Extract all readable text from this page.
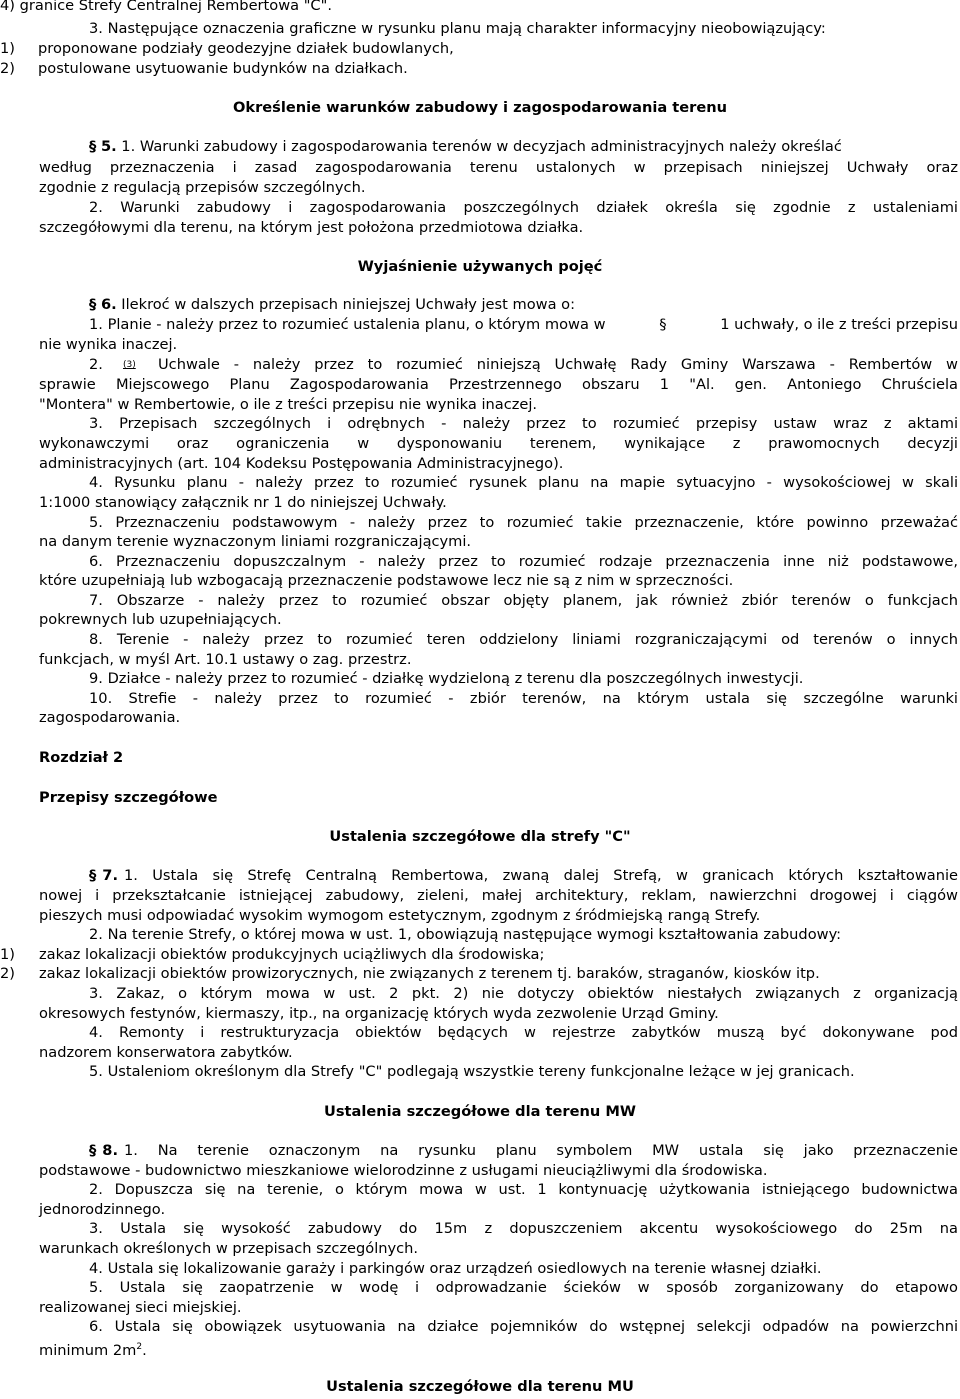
4) granice Strefy Centralnej Rembertowa "C".
3. Następujące oznaczenia graficzne w rysunku planu mają charakter informacyjny nieobowiązujący:
1) proponowane podziały geodezyjne działek budowlanych,
2) postulowane usytuowanie budynków na działkach.
Określenie warunków zabudowy i zagospodarowania terenu
§ 5. 1. Warunki zabudowy i zagospodarowania terenów w decyzjach administracyjnych należy określać
według przeznaczenia i zasad zagospodarowania terenu ustalonych w przepisach niniejszej Uchwały oraz
zgodnie z regulacją przepisów szczególnych.
2. Warunki zabudowy i zagospodarowania poszczególnych działek określa się zgodnie z ustaleniami
szczegółowymi dla terenu, na którym jest położona przedmiotowa działka.
Wyjaśnienie używanych pojęć
§ 6. Ilekroć w dalszych przepisach niniejszej Uchwały jest mowa o:
1. Planie - należy przez to rozumieć ustalenia planu, o którym mowa w	§	1 uchwały, o ile z treści przepisu
nie wynika inaczej.
2. (3) Uchwale - należy przez to rozumieć niniejszą Uchwałę Rady Gminy Warszawa - Rembertów w
sprawie Miejscowego Planu Zagospodarowania Przestrzennego obszaru 1 "Al. gen. Antoniego Chruściela
"Montera" w Rembertowie, o ile z treści przepisu nie wynika inaczej.
3. Przepisach szczególnych i odrębnych - należy przez to rozumieć przepisy ustaw wraz z aktami
wykonawczymi oraz ograniczenia w dysponowaniu terenem, wynikające z prawomocnych decyzji
administracyjnych (art. 104 Kodeksu Postępowania Administracyjnego).
4. Rysunku planu - należy przez to rozumieć rysunek planu na mapie sytuacyjno - wysokościowej w skali
1:1000 stanowiący załącznik nr 1 do niniejszej Uchwały.
5. Przeznaczeniu podstawowym - należy przez to rozumieć takie przeznaczenie, które powinno przeważać
na danym terenie wyznaczonym liniami rozgraniczającymi.
6. Przeznaczeniu dopuszczalnym - należy przez to rozumieć rodzaje przeznaczenia inne niż podstawowe,
które uzupełniają lub wzbogacają przeznaczenie podstawowe lecz nie są z nim w sprzeczności.
7. Obszarze - należy przez to rozumieć obszar objęty planem, jak również zbiór terenów o funkcjach
pokrewnych lub uzupełniających.
8. Terenie - należy przez to rozumieć teren oddzielony liniami rozgraniczającymi od terenów o innych
funkcjach, w myśl Art. 10.1 ustawy o zag. przestrz.
9. Działce - należy przez to rozumieć - działkę wydzieloną z terenu dla poszczególnych inwestycji.
10. Strefie - należy przez to rozumieć - zbiór terenów, na którym ustala się szczególne warunki
zagospodarowania.
Rozdział 2
Przepisy szczegółowe
Ustalenia szczegółowe dla strefy "C"
§ 7. 1. Ustala się Strefę Centralną Rembertowa, zwaną dalej Strefą, w granicach których kształtowanie
nowej i przekształcanie istniejącej zabudowy, zieleni, małej architektury, reklam, nawierzchni drogowej i ciągów
pieszych musi odpowiadać wysokim wymogom estetycznym, zgodnym z śródmiejską rangą Strefy.
2. Na terenie Strefy, o której mowa w ust. 1, obowiązują następujące wymogi kształtowania zabudowy:
1) zakaz lokalizacji obiektów produkcyjnych uciążliwych dla środowiska;
2) zakaz lokalizacji obiektów prowizorycznych, nie związanych z terenem tj. baraków, straganów, kiosków itp.
3. Zakaz, o którym mowa w ust. 2 pkt. 2) nie dotyczy obiektów niestałych związanych z organizacją
okresowych festynów, kiermaszy, itp., na organizację których wyda zezwolenie Urząd Gminy.
4. Remonty i restrukturyzacja obiektów będących w rejestrze zabytków muszą być dokonywane pod
nadzorem konserwatora zabytków.
5. Ustaleniom określonym dla Strefy "C" podlegają wszystkie tereny funkcjonalne leżące w jej granicach.
Ustalenia szczegółowe dla terenu MW
§ 8. 1. Na terenie oznaczonym na rysunku planu symbolem MW ustala się jako przeznaczenie
podstawowe - budownictwo mieszkaniowe wielorodzinne z usługami nieuciążliwymi dla środowiska.
2. Dopuszcza się na terenie, o którym mowa w ust. 1 kontynuację użytkowania istniejącego budownictwa
jednorodzinnego.
3. Ustala się wysokość zabudowy do 15m z dopuszczeniem akcentu wysokościowego do 25m na
warunkach określonych w przepisach szczególnych.
4. Ustala się lokalizowanie garaży i parkingów oraz urządzeń osiedlowych na terenie własnej działki.
5. Ustala się zaopatrzenie w wodę i odprowadzanie ścieków w sposób zorganizowany do etapowo
realizowanej sieci miejskiej.
6. Ustala się obowiązek usytuowania na działce pojemników do wstępnej selekcji odpadów na powierzchni
minimum $2m^2$.
Ustalenia szczegółowe dla terenu MU
